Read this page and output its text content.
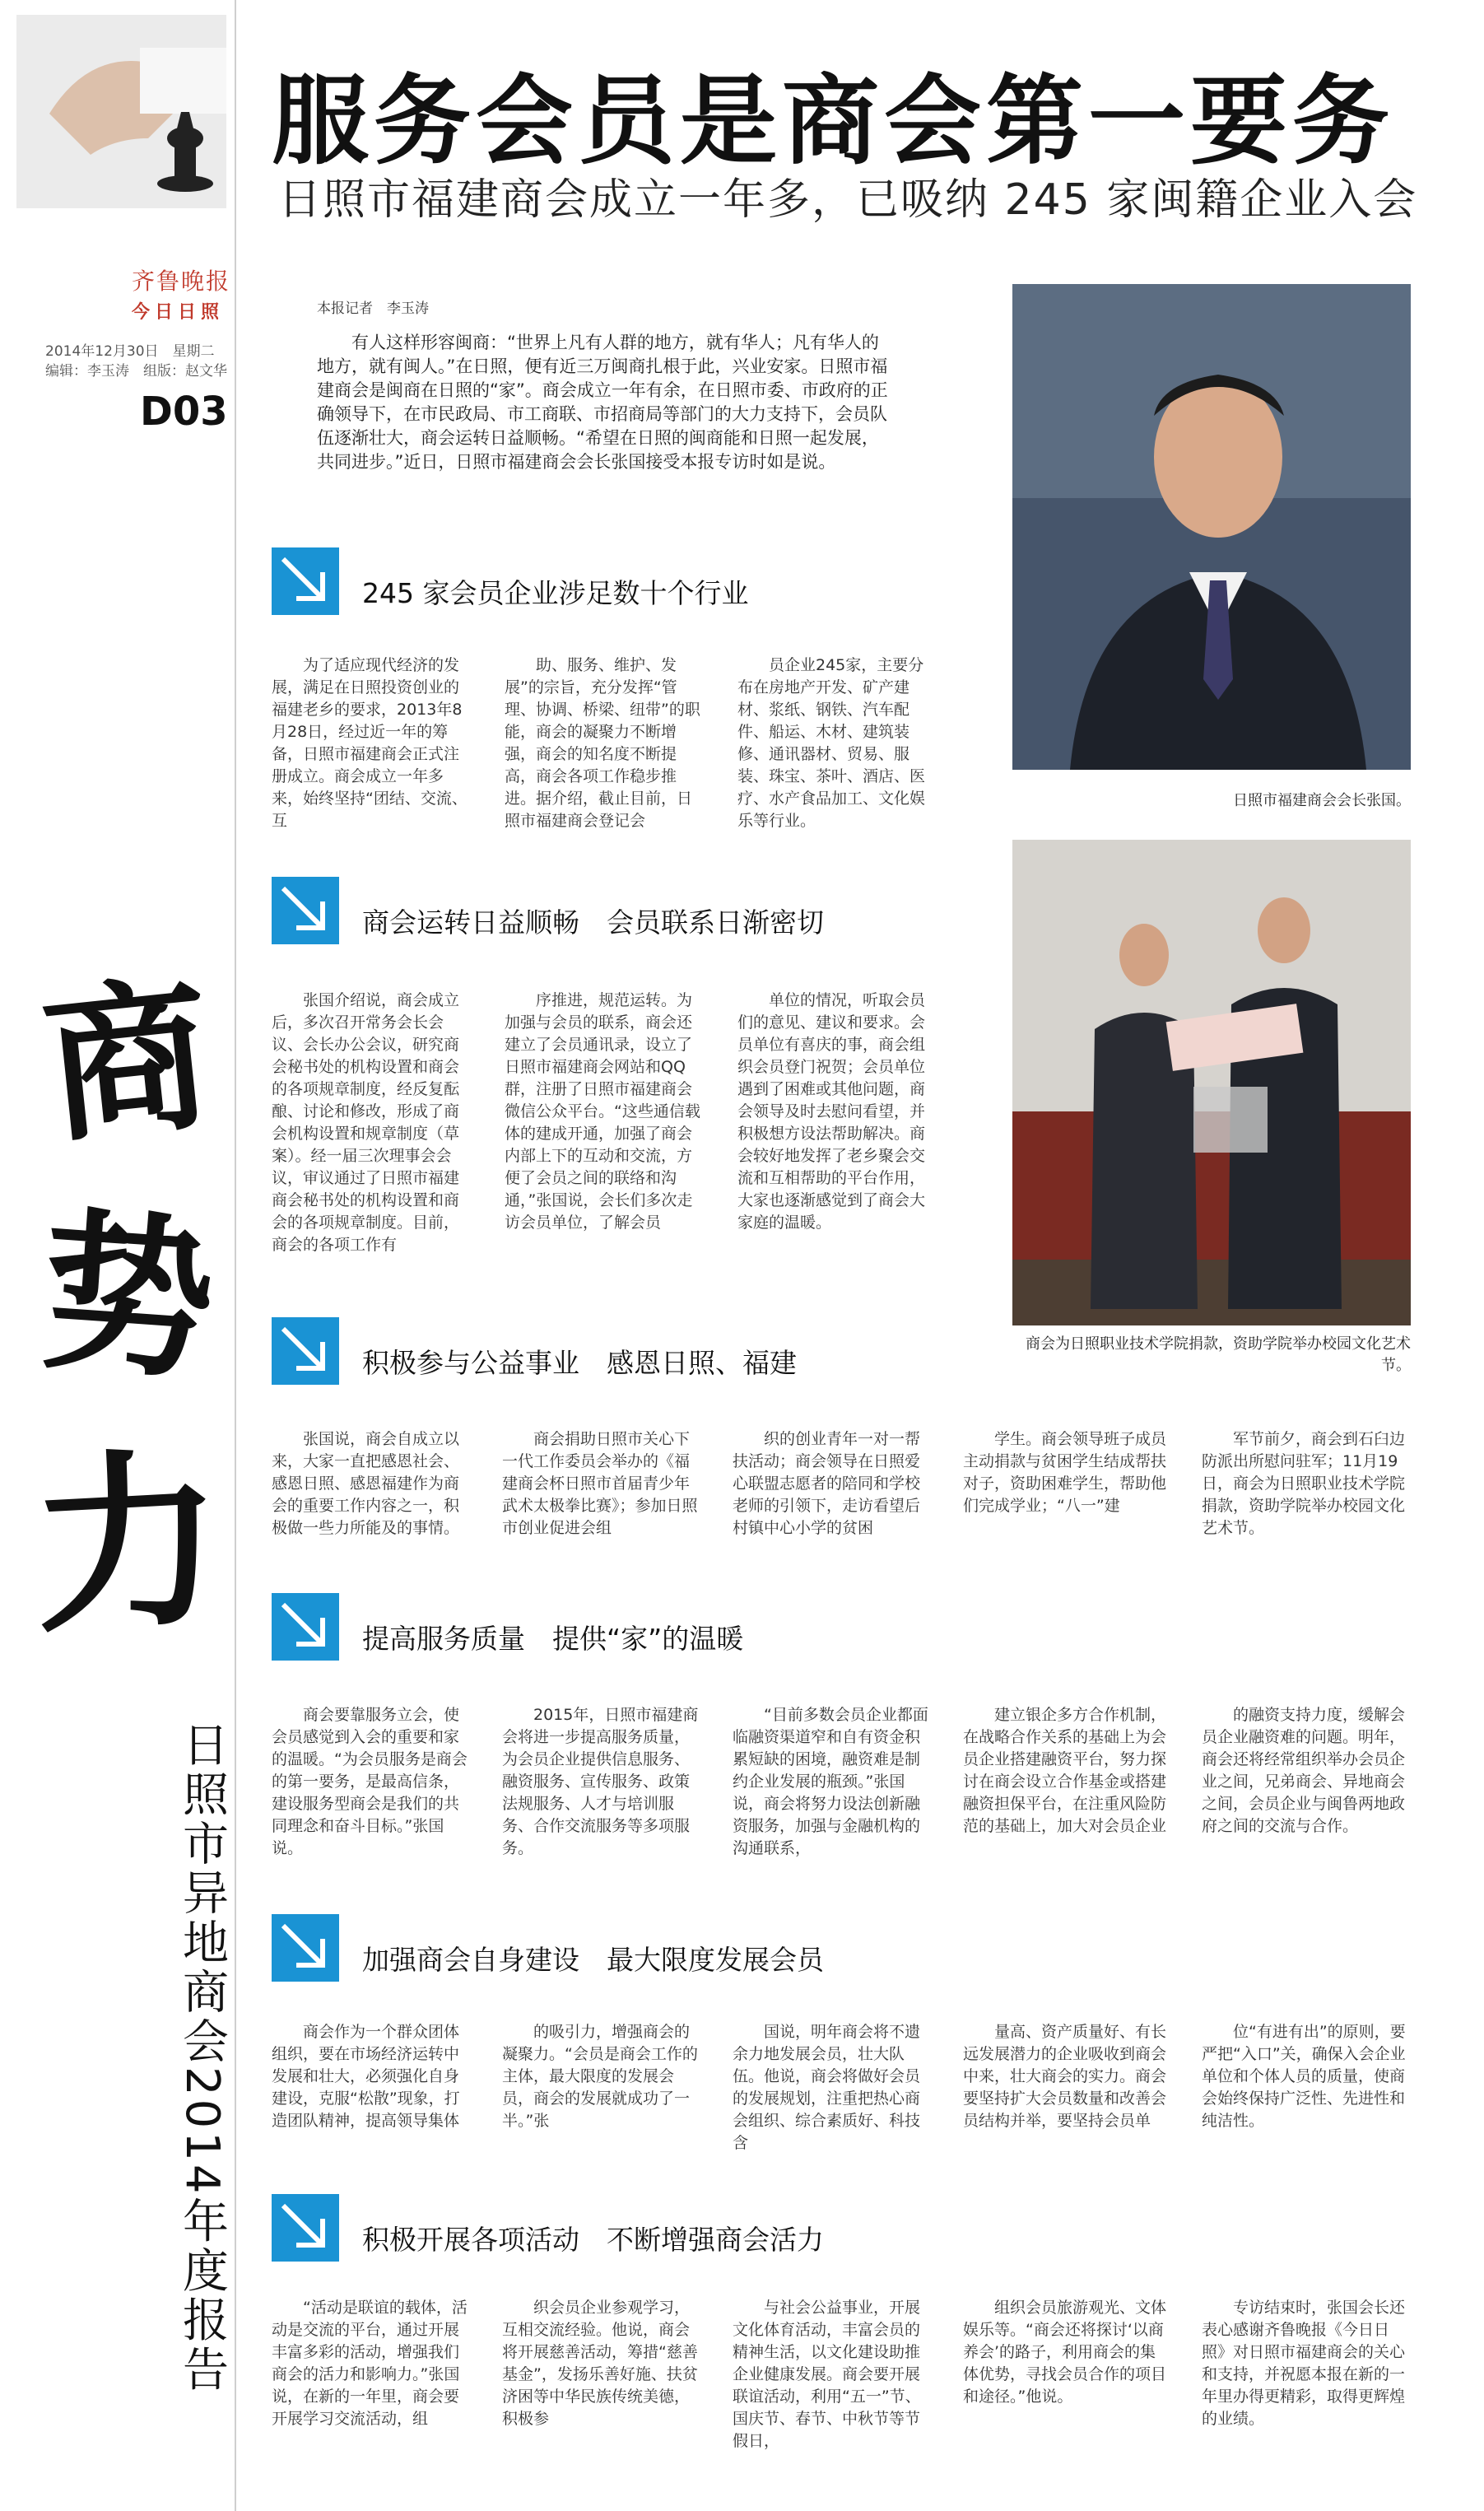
齐鲁晚报
今日日照
2014年12月30日　星期二
编辑：李玉涛　组版：赵文华
D03
商
势
力
日照市异地商会2014年度报告
服务会员是商会第一要务
日照市福建商会成立一年多，已吸纳 245 家闽籍企业入会
本报记者　李玉涛
有人这样形容闽商：“世界上凡有人群的地方，就有华人；凡有华人的地方，就有闽人。”在日照，便有近三万闽商扎根于此，兴业安家。日照市福建商会是闽商在日照的“家”。商会成立一年有余，在日照市委、市政府的正确领导下，在市民政局、市工商联、市招商局等部门的大力支持下，会员队伍逐渐壮大，商会运转日益顺畅。“希望在日照的闽商能和日照一起发展，共同进步。”近日，日照市福建商会会长张国接受本报专访时如是说。
日照市福建商会会长张国。
商会为日照职业技术学院捐款，资助学院举办校园文化艺术节。
245 家会员企业涉足数十个行业
为了适应现代经济的发展，满足在日照投资创业的福建老乡的要求，2013年8月28日，经过近一年的筹备，日照市福建商会正式注册成立。商会成立一年多来，始终坚持“团结、交流、互
助、服务、维护、发展”的宗旨，充分发挥“管理、协调、桥梁、纽带”的职能，商会的凝聚力不断增强，商会的知名度不断提高，商会各项工作稳步推进。据介绍，截止目前，日照市福建商会登记会
员企业245家，主要分布在房地产开发、矿产建材、浆纸、钢铁、汽车配件、船运、木材、建筑装修、通讯器材、贸易、服装、珠宝、茶叶、酒店、医疗、水产食品加工、文化娱乐等行业。
商会运转日益顺畅　会员联系日渐密切
张国介绍说，商会成立后，多次召开常务会长会议、会长办公会议，研究商会秘书处的机构设置和商会的各项规章制度，经反复酝酿、讨论和修改，形成了商会机构设置和规章制度（草案）。经一届三次理事会会议，审议通过了日照市福建商会秘书处的机构设置和商会的各项规章制度。目前，商会的各项工作有
序推进，规范运转。为加强与会员的联系，商会还建立了会员通讯录，设立了日照市福建商会网站和QQ群，注册了日照市福建商会微信公众平台。“这些通信载体的建成开通，加强了商会内部上下的互动和交流，方便了会员之间的联络和沟通，”张国说，会长们多次走访会员单位，了解会员
单位的情况，听取会员们的意见、建议和要求。会员单位有喜庆的事，商会组织会员登门祝贺；会员单位遇到了困难或其他问题，商会领导及时去慰问看望，并积极想方设法帮助解决。商会较好地发挥了老乡聚会交流和互相帮助的平台作用，大家也逐渐感觉到了商会大家庭的温暖。
积极参与公益事业　感恩日照、福建
张国说，商会自成立以来，大家一直把感恩社会、感恩日照、感恩福建作为商会的重要工作内容之一，积极做一些力所能及的事情。
商会捐助日照市关心下一代工作委员会举办的《福建商会杯日照市首届青少年武术太极拳比赛》；参加日照市创业促进会组
织的创业青年一对一帮扶活动；商会领导在日照爱心联盟志愿者的陪同和学校老师的引领下，走访看望后村镇中心小学的贫困
学生。商会领导班子成员主动捐款与贫困学生结成帮扶对子，资助困难学生，帮助他们完成学业；“八一”建
军节前夕，商会到石臼边防派出所慰问驻军；11月19日，商会为日照职业技术学院捐款，资助学院举办校园文化艺术节。
提高服务质量　提供“家”的温暖
商会要靠服务立会，使会员感觉到入会的重要和家的温暖。“为会员服务是商会的第一要务，是最高信条，建设服务型商会是我们的共同理念和奋斗目标。”张国说。
2015年，日照市福建商会将进一步提高服务质量，为会员企业提供信息服务、融资服务、宣传服务、政策法规服务、人才与培训服务、合作交流服务等多项服务。
“目前多数会员企业都面临融资渠道窄和自有资金积累短缺的困境，融资难是制约企业发展的瓶颈。”张国说，商会将努力设法创新融资服务，加强与金融机构的沟通联系，
建立银企多方合作机制，在战略合作关系的基础上为会员企业搭建融资平台，努力探讨在商会设立合作基金或搭建融资担保平台，在注重风险防范的基础上，加大对会员企业
的融资支持力度，缓解会员企业融资难的问题。明年，商会还将经常组织举办会员企业之间，兄弟商会、异地商会之间，会员企业与闽鲁两地政府之间的交流与合作。
加强商会自身建设　最大限度发展会员
商会作为一个群众团体组织，要在市场经济运转中发展和壮大，必须强化自身建设，克服“松散”现象，打造团队精神，提高领导集体
的吸引力，增强商会的凝聚力。“会员是商会工作的主体，最大限度的发展会员，商会的发展就成功了一半。”张
国说，明年商会将不遗余力地发展会员，壮大队伍。他说，商会将做好会员的发展规划，注重把热心商会组织、综合素质好、科技含
量高、资产质量好、有长远发展潜力的企业吸收到商会中来，壮大商会的实力。商会要坚持扩大会员数量和改善会员结构并举，要坚持会员单
位“有进有出”的原则，要严把“入口”关，确保入会企业单位和个体人员的质量，使商会始终保持广泛性、先进性和纯洁性。
积极开展各项活动　不断增强商会活力
“活动是联谊的载体，活动是交流的平台，通过开展丰富多彩的活动，增强我们商会的活力和影响力。”张国说，在新的一年里，商会要开展学习交流活动，组
织会员企业参观学习，互相交流经验。他说，商会将开展慈善活动，筹措“慈善基金”，发扬乐善好施、扶贫济困等中华民族传统美德，积极参
与社会公益事业，开展文化体育活动，丰富会员的精神生活，以文化建设助推企业健康发展。商会要开展联谊活动，利用“五一”节、国庆节、春节、中秋节等节假日，
组织会员旅游观光、文体娱乐等。“商会还将探讨‘以商养会’的路子，利用商会的集体优势，寻找会员合作的项目和途径。”他说。
专访结束时，张国会长还表心感谢齐鲁晚报《今日日照》对日照市福建商会的关心和支持，并祝愿本报在新的一年里办得更精彩，取得更辉煌的业绩。
